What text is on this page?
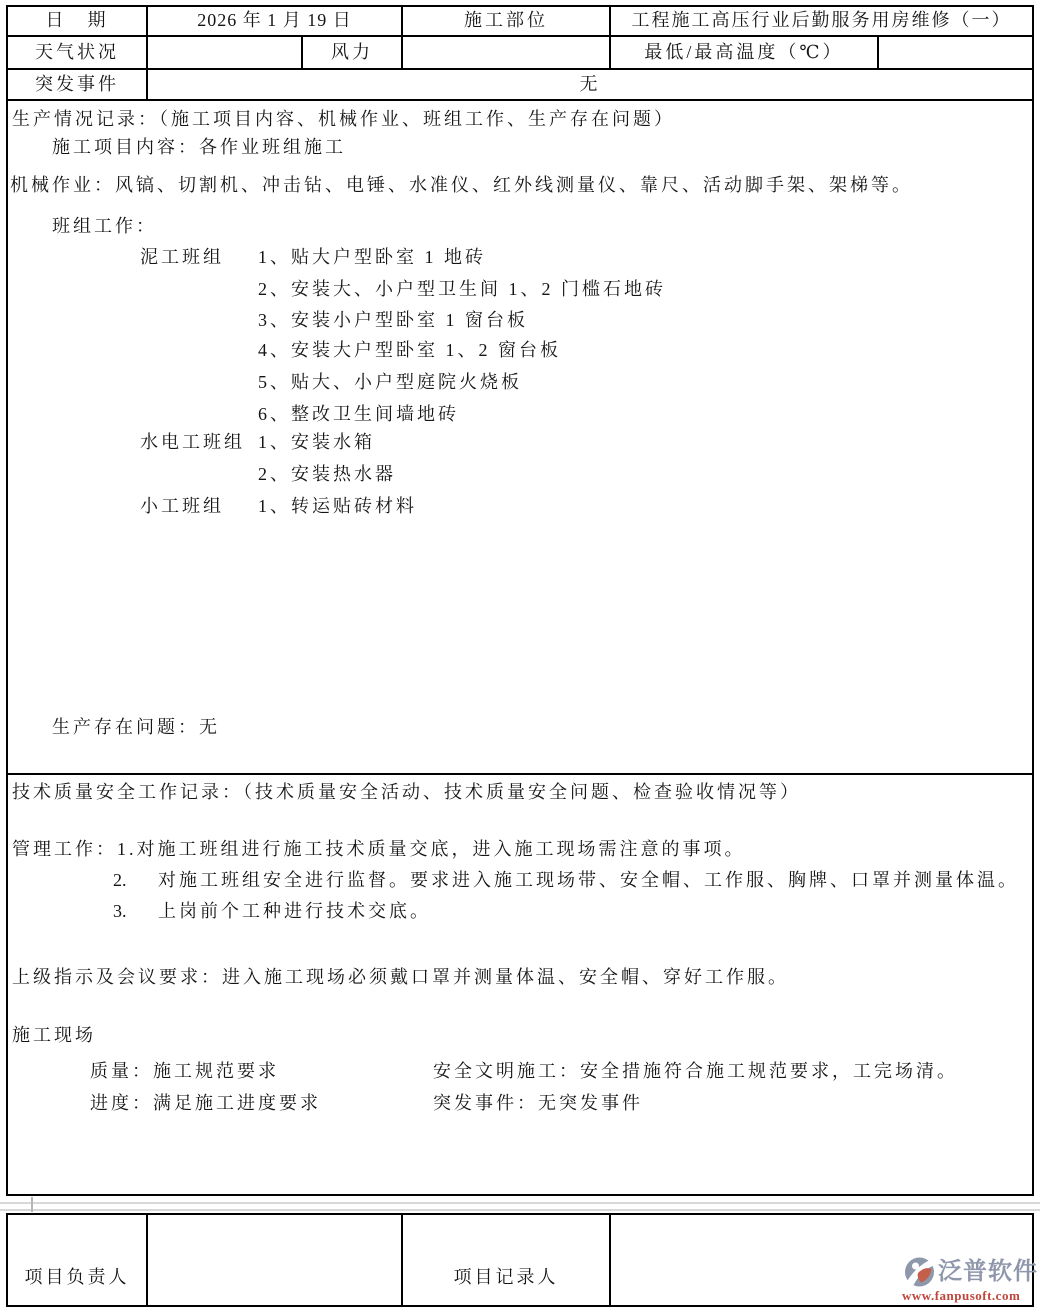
日　期	2026 年 1 月 19 日	施工部位	工程施工高压行业后勤服务用房维修（一）
天气状况	风力	最低/最高温度（℃）
突发事件	无
生产情况记录：（施工项目内容、机械作业、班组工作、生产存在问题）
施工项目内容：各作业班组施工
机械作业：风镐、切割机、冲击钻、电锤、水准仪、红外线测量仪、靠尺、活动脚手架、架梯等。
班组工作：
泥工班组 1、贴大户型卧室 1 地砖
2、安装大、小户型卫生间 1、2 门槛石地砖
3、安装小户型卧室 1 窗台板
4、安装大户型卧室 1、2 窗台板
5、贴大、小户型庭院火烧板
6、整改卫生间墙地砖
水电工班组 1、安装水箱
2、安装热水器
小工班组 1、转运贴砖材料
生产存在问题：无
技术质量安全工作记录：（技术质量安全活动、技术质量安全问题、检查验收情况等）
管理工作：1.对施工班组进行施工技术质量交底，进入施工现场需注意的事项。
2. 对施工班组安全进行监督。要求进入施工现场带、安全帽、工作服、胸牌、口罩并测量体温。
3. 上岗前个工种进行技术交底。
上级指示及会议要求：进入施工现场必须戴口罩并测量体温、安全帽、穿好工作服。
施工现场
质量：施工规范要求	安全文明施工：安全措施符合施工规范要求，工完场清。
进度：满足施工进度要求	突发事件：无突发事件
项目负责人	项目记录人	泛普软件
www.fanpusoft.com
